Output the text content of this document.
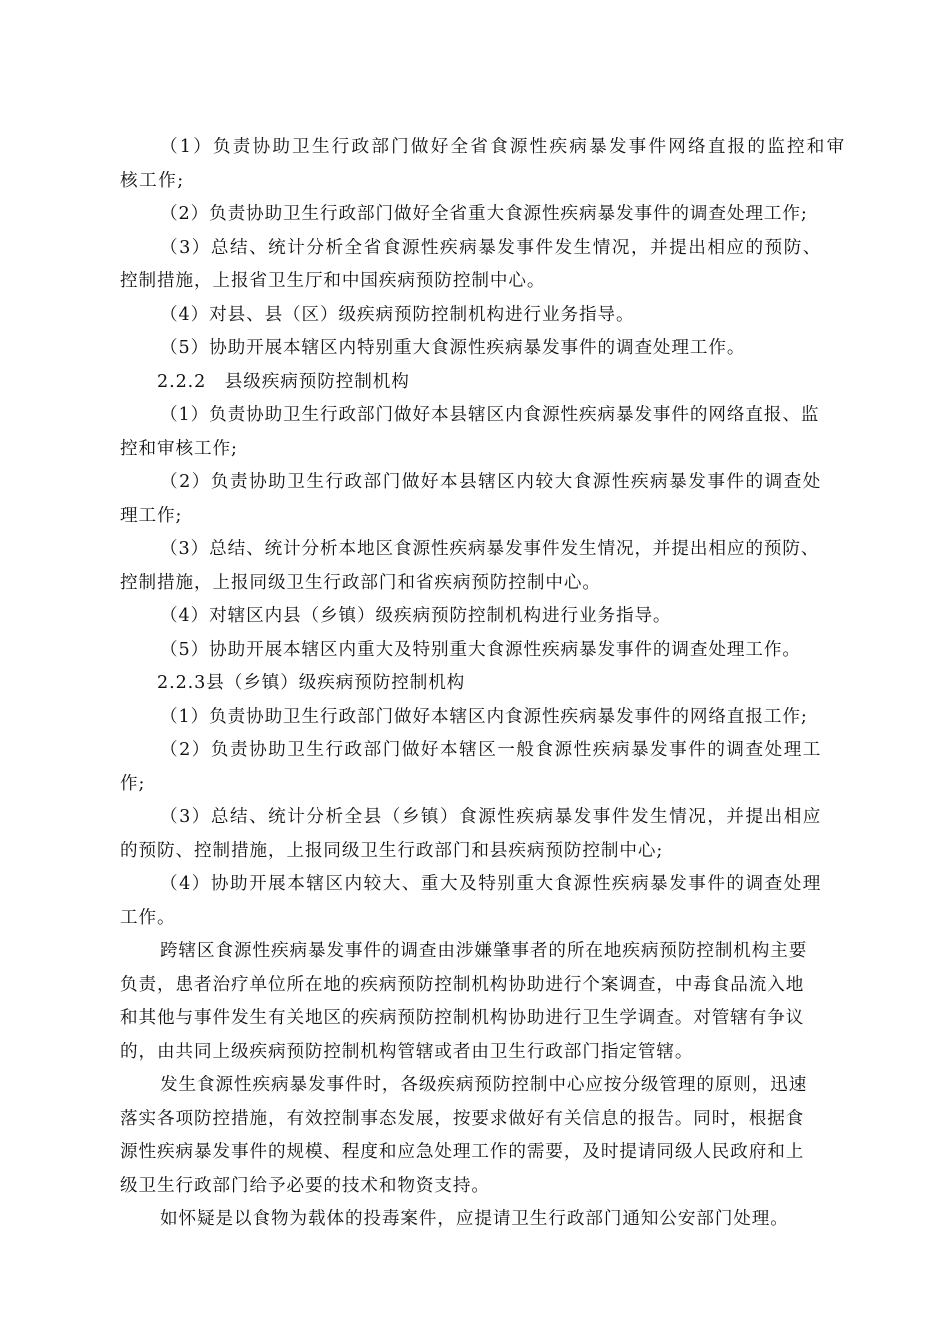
（1）负责协助卫生行政部门做好全省食源性疾病暴发事件网络直报的监控和审
核工作;
（2）负责协助卫生行政部门做好全省重大食源性疾病暴发事件的调查处理工作;
（3）总结、统计分析全省食源性疾病暴发事件发生情况，并提出相应的预防、
控制措施，上报省卫生厅和中国疾病预防控制中心。
（4）对县、县（区）级疾病预防控制机构进行业务指导。
（5）协助开展本辖区内特别重大食源性疾病暴发事件的调查处理工作。
2.2.2　县级疾病预防控制机构
（1）负责协助卫生行政部门做好本县辖区内食源性疾病暴发事件的网络直报、监
控和审核工作;
（2）负责协助卫生行政部门做好本县辖区内较大食源性疾病暴发事件的调查处
理工作;
（3）总结、统计分析本地区食源性疾病暴发事件发生情况，并提出相应的预防、
控制措施，上报同级卫生行政部门和省疾病预防控制中心。
（4）对辖区内县（乡镇）级疾病预防控制机构进行业务指导。
（5）协助开展本辖区内重大及特别重大食源性疾病暴发事件的调查处理工作。
2.2.3县（乡镇）级疾病预防控制机构
（1）负责协助卫生行政部门做好本辖区内食源性疾病暴发事件的网络直报工作;
（2）负责协助卫生行政部门做好本辖区一般食源性疾病暴发事件的调查处理工
作;
（3）总结、统计分析全县（乡镇）食源性疾病暴发事件发生情况，并提出相应
的预防、控制措施，上报同级卫生行政部门和县疾病预防控制中心;
（4）协助开展本辖区内较大、重大及特别重大食源性疾病暴发事件的调查处理
工作。
跨辖区食源性疾病暴发事件的调查由涉嫌肇事者的所在地疾病预防控制机构主要
负责，患者治疗单位所在地的疾病预防控制机构协助进行个案调查，中毒食品流入地
和其他与事件发生有关地区的疾病预防控制机构协助进行卫生学调查。对管辖有争议
的，由共同上级疾病预防控制机构管辖或者由卫生行政部门指定管辖。
发生食源性疾病暴发事件时，各级疾病预防控制中心应按分级管理的原则，迅速
落实各项防控措施，有效控制事态发展，按要求做好有关信息的报告。同时，根据食
源性疾病暴发事件的规模、程度和应急处理工作的需要，及时提请同级人民政府和上
级卫生行政部门给予必要的技术和物资支持。
如怀疑是以食物为载体的投毒案件，应提请卫生行政部门通知公安部门处理。
